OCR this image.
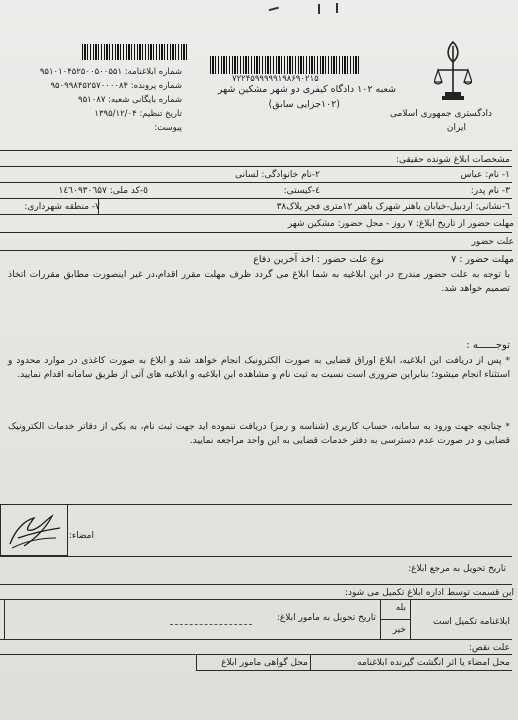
دادگستری جمهوری اسلامی
ایران
۷۲۲۴۵۹۹۹۹۹۱۹۸۶۹۰۲۱۵
شعبه ۱۰۲ دادگاه کیفری دو شهر مشکین شهر
(۱۰۲جزایی سابق)
شماره ابلاغنامه: ۹۵۱۰۱۰۴۵۲۵۰۰۵۰۰۵۵۱
شماره پرونده: ۹۵۰۹۹۸۴۵۲۵۷۰۰۰۰۸۴
شماره بایگانی شعبه: ۹۵۱۰۸۷
تاریخ تنظیم: ۱۳۹۵/۱۲/۰۴
پیوست:
مشخصات ابلاغ شونده حقیقی:
۱- نام: عباس
۲-نام خانوادگی: لسانی
۳- نام پدر:
٤-کیستی:
٥-کد ملی: ۱٤٦۰۹۳۰٦۵۷
٦-نشانی: اردبیل-خیابان باهنر شهرک باهنر ۱۲متری فجر پلاک۳۸
۷- منطقه شهرداری:
مهلت حضور از تاریخ ابلاغ: ۷ روز - محل حضور: مشکین شهر
علت حضور
مهلت حضور : ۷
نوع علت حضور : اخذ آخرین دفاع
با توجه به علت حضور مندرج در این ابلاغیه به شما ابلاغ می گردد ظرف مهلت مقرر اقدام،در غیر اینصورت مطابق مقررات اتخاذ تصمیم خواهد شد.
توجــــــه :
* پس از دریافت این ابلاغیه، ابلاغ اوراق قضایی به صورت الکترونیک انجام خواهد شد و ابلاغ به صورت کاغذی در موارد محدود و استثناء انجام میشود؛ بنابراین ضروری است نسبت به ثبت نام و مشاهده این ابلاغیه و ابلاغیه های آتی از طریق سامانه اقدام نمایید.
* چنانچه جهت ورود به سامانه، حساب کاربری (شناسه و رمز) دریافت ننموده اید جهت ثبت نام، به یکی از دفاتر خدمات الکترونیک قضایی و در صورت عدم دسترسی به دفتر خدمات قضایی به این واحد مراجعه نمایید.
امضاء:
تاریخ تحویل به مرجع ابلاغ:
این قسمت توسط اداره ابلاغ تکمیل می شود:
ابلاغنامه تکمیل است
بله
خیر
تاریخ تحویل به مامور ابلاغ:
علت نقص:
محل امضاء یا اثر انگشت گیرنده ابلاغنامه
محل گواهی مامور ابلاغ
